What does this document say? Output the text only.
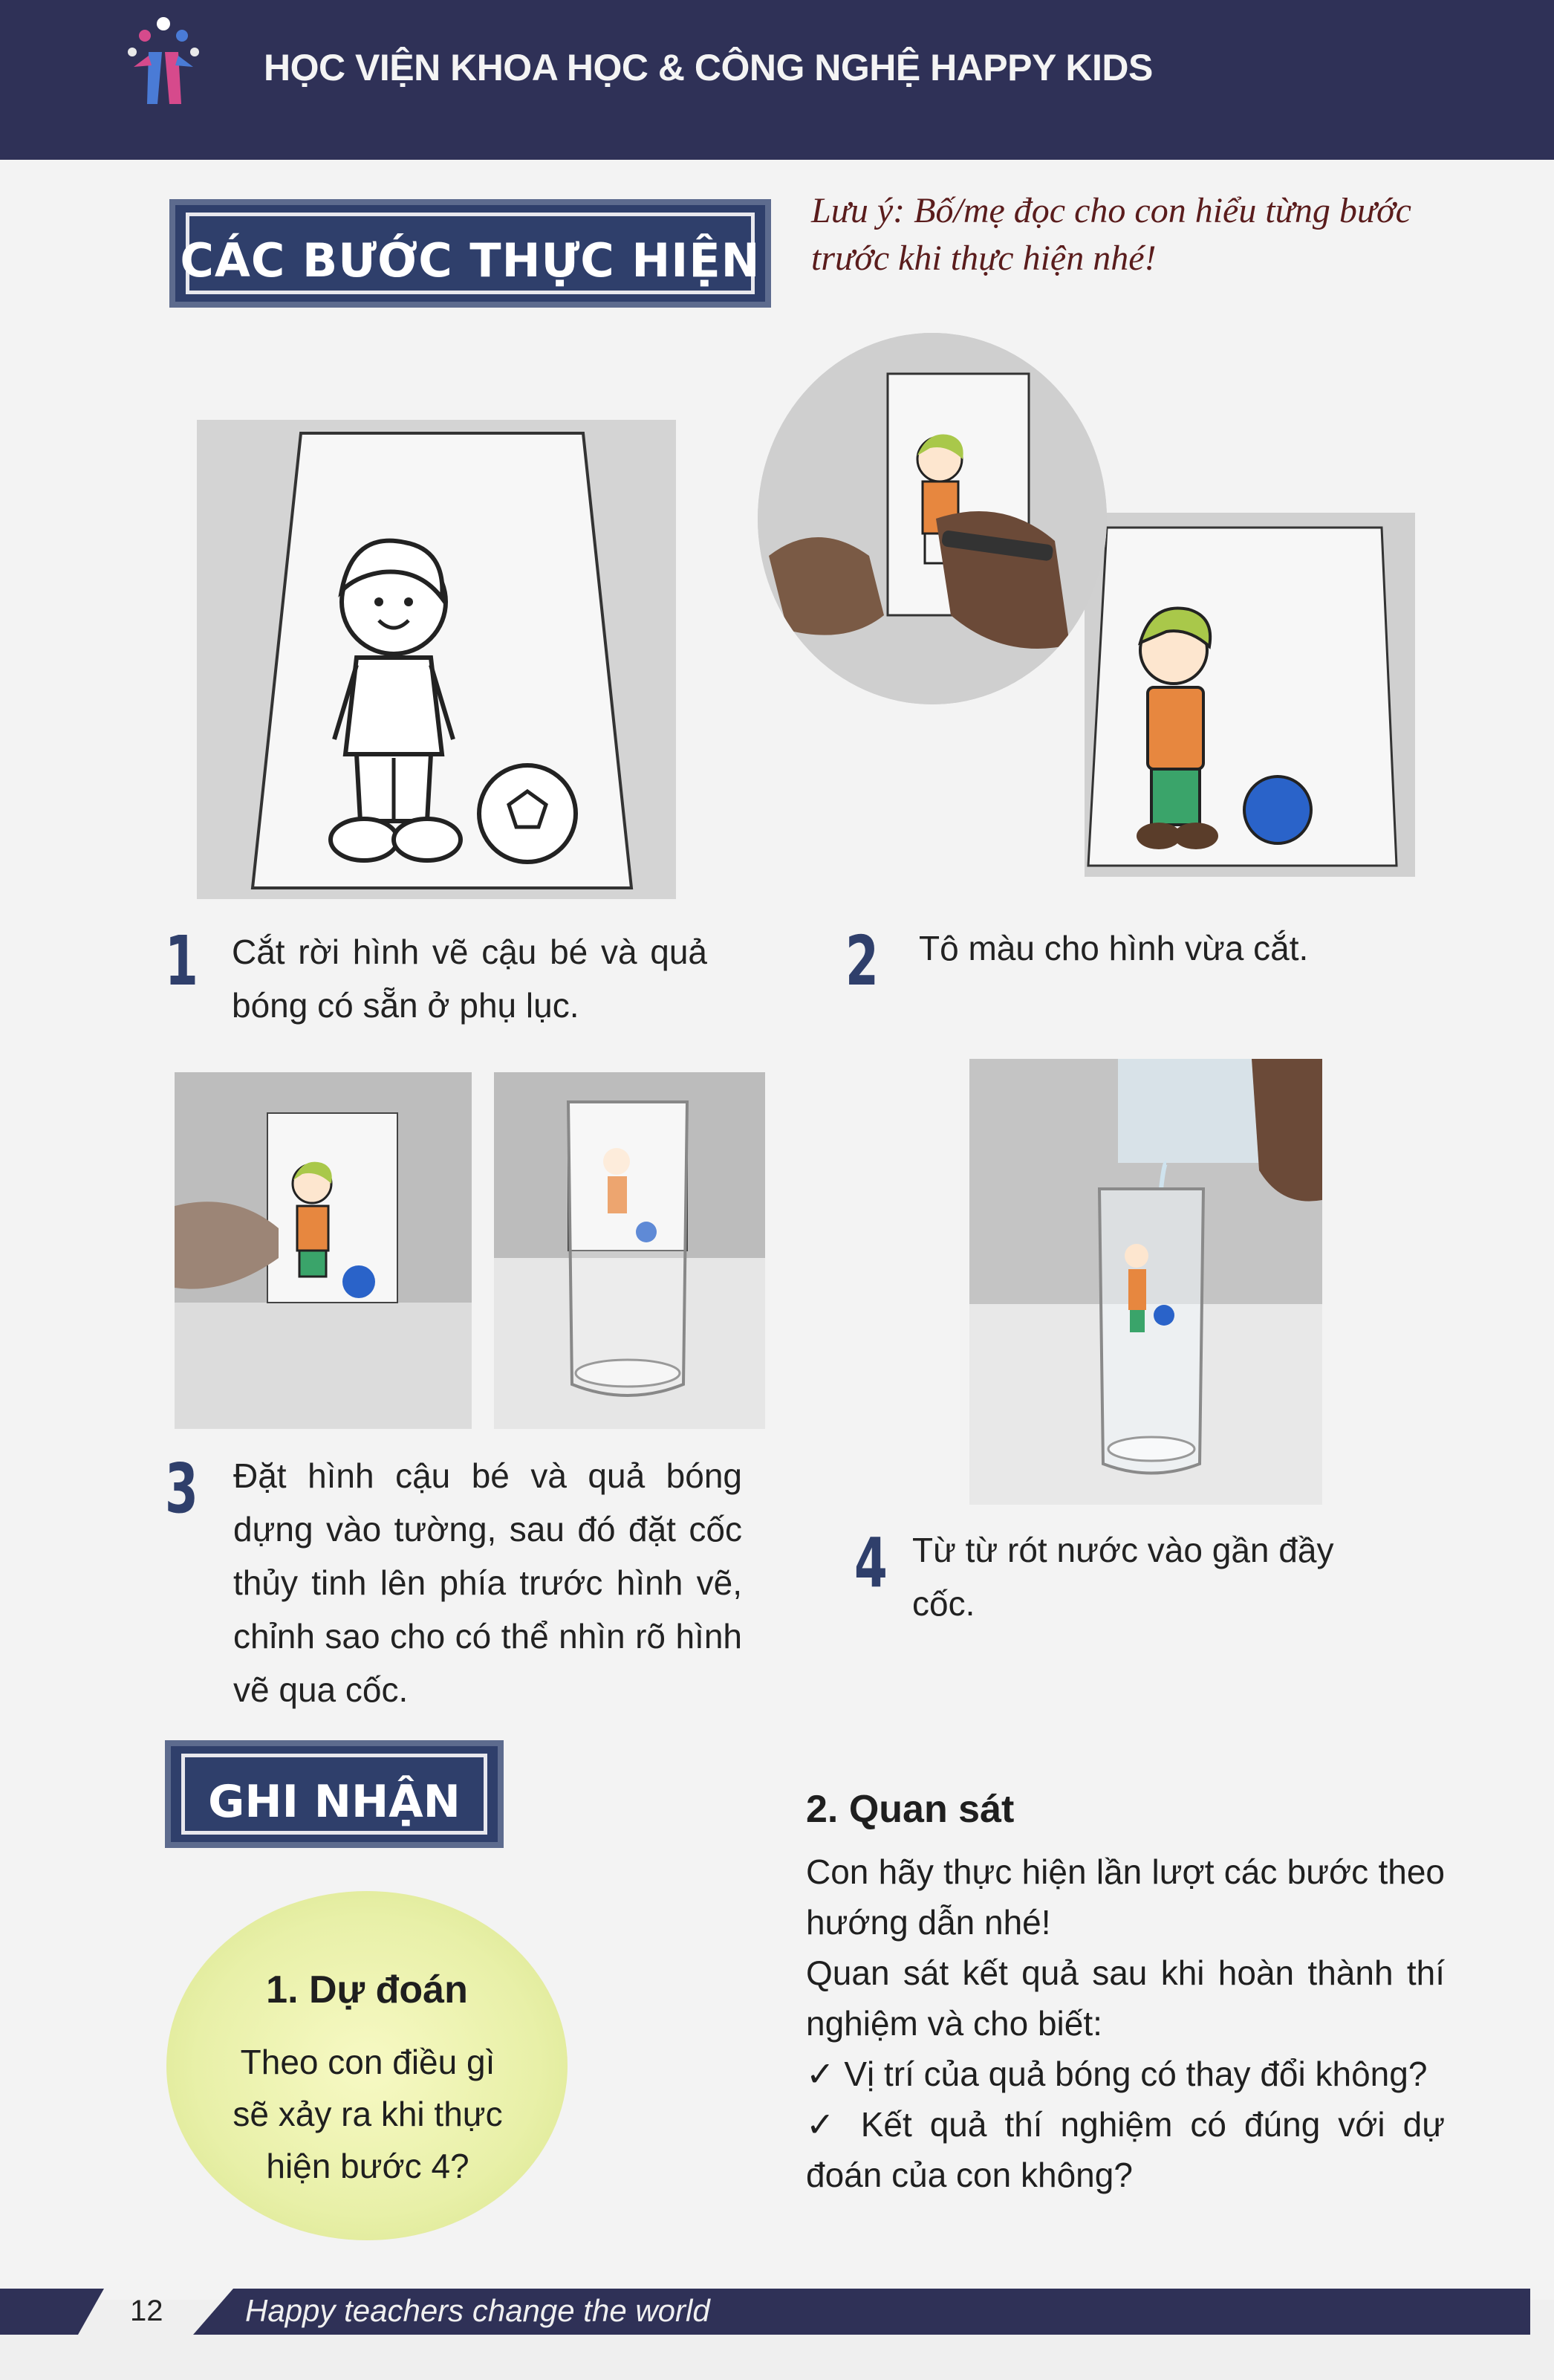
HỌC VIỆN KHOA HỌC & CÔNG NGHỆ HAPPY KIDS
CÁC BƯỚC THỰC HIỆN
Lưu ý: Bố/mẹ đọc cho con hiểu từng bước trước khi thực hiện nhé!
1 Cắt rời hình vẽ cậu bé và quả bóng có sẵn ở phụ lục.
2 Tô màu cho hình vừa cắt.
3 Đặt hình cậu bé và quả bóng dựng vào tường, sau đó đặt cốc thủy tinh lên phía trước hình vẽ, chỉnh sao cho có thể nhìn rõ hình vẽ qua cốc.
4 Từ từ rót nước vào gần đầy cốc.
GHI NHẬN
1. Dự đoán
Theo con điều gì sẽ xảy ra khi thực hiện bước 4?
2. Quan sát
Con hãy thực hiện lần lượt các bước theo hướng dẫn nhé!
Quan sát kết quả sau khi hoàn thành thí nghiệm và cho biết:
✓ Vị trí của quả bóng có thay đổi không?
✓ Kết quả thí nghiệm có đúng với dự đoán của con không?
12	Happy teachers change the world
